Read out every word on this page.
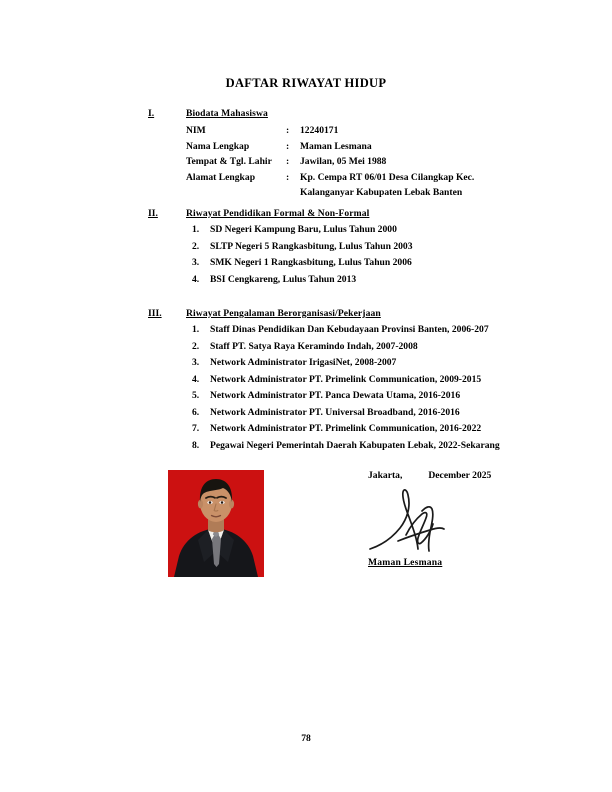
DAFTAR RIWAYAT HIDUP
I.	Biodata Mahasiswa
NIM	:	12240171
Nama Lengkap	:	Maman Lesmana
Tempat & Tgl. Lahir	:	Jawilan, 05 Mei 1988
Alamat Lengkap	:	Kp. Cempa RT 06/01 Desa Cilangkap Kec.
Kalanganyar Kabupaten Lebak Banten
II.	Riwayat Pendidikan Formal & Non-Formal
1.	SD Negeri Kampung Baru, Lulus Tahun 2000
2.	SLTP Negeri 5 Rangkasbitung, Lulus Tahun 2003
3.	SMK Negeri 1 Rangkasbitung, Lulus Tahun 2006
4.	BSI Cengkareng, Lulus Tahun 2013
III.	Riwayat Pengalaman Berorganisasi/Pekerjaan
1.	Staff Dinas Pendidikan Dan Kebudayaan Provinsi Banten, 2006-207
2.	Staff PT. Satya Raya Keramindo Indah, 2007-2008
3.	Network Administrator IrigasiNet, 2008-2007
4.	Network Administrator PT. Primelink Communication, 2009-2015
5.	Network Administrator PT. Panca Dewata Utama, 2016-2016
6.	Network Administrator PT. Universal Broadband, 2016-2016
7.	Network Administrator PT. Primelink Communication, 2016-2022
8.	Pegawai Negeri Pemerintah Daerah Kabupaten Lebak, 2022-Sekarang
Jakarta,	December 2025
Maman Lesmana
78
